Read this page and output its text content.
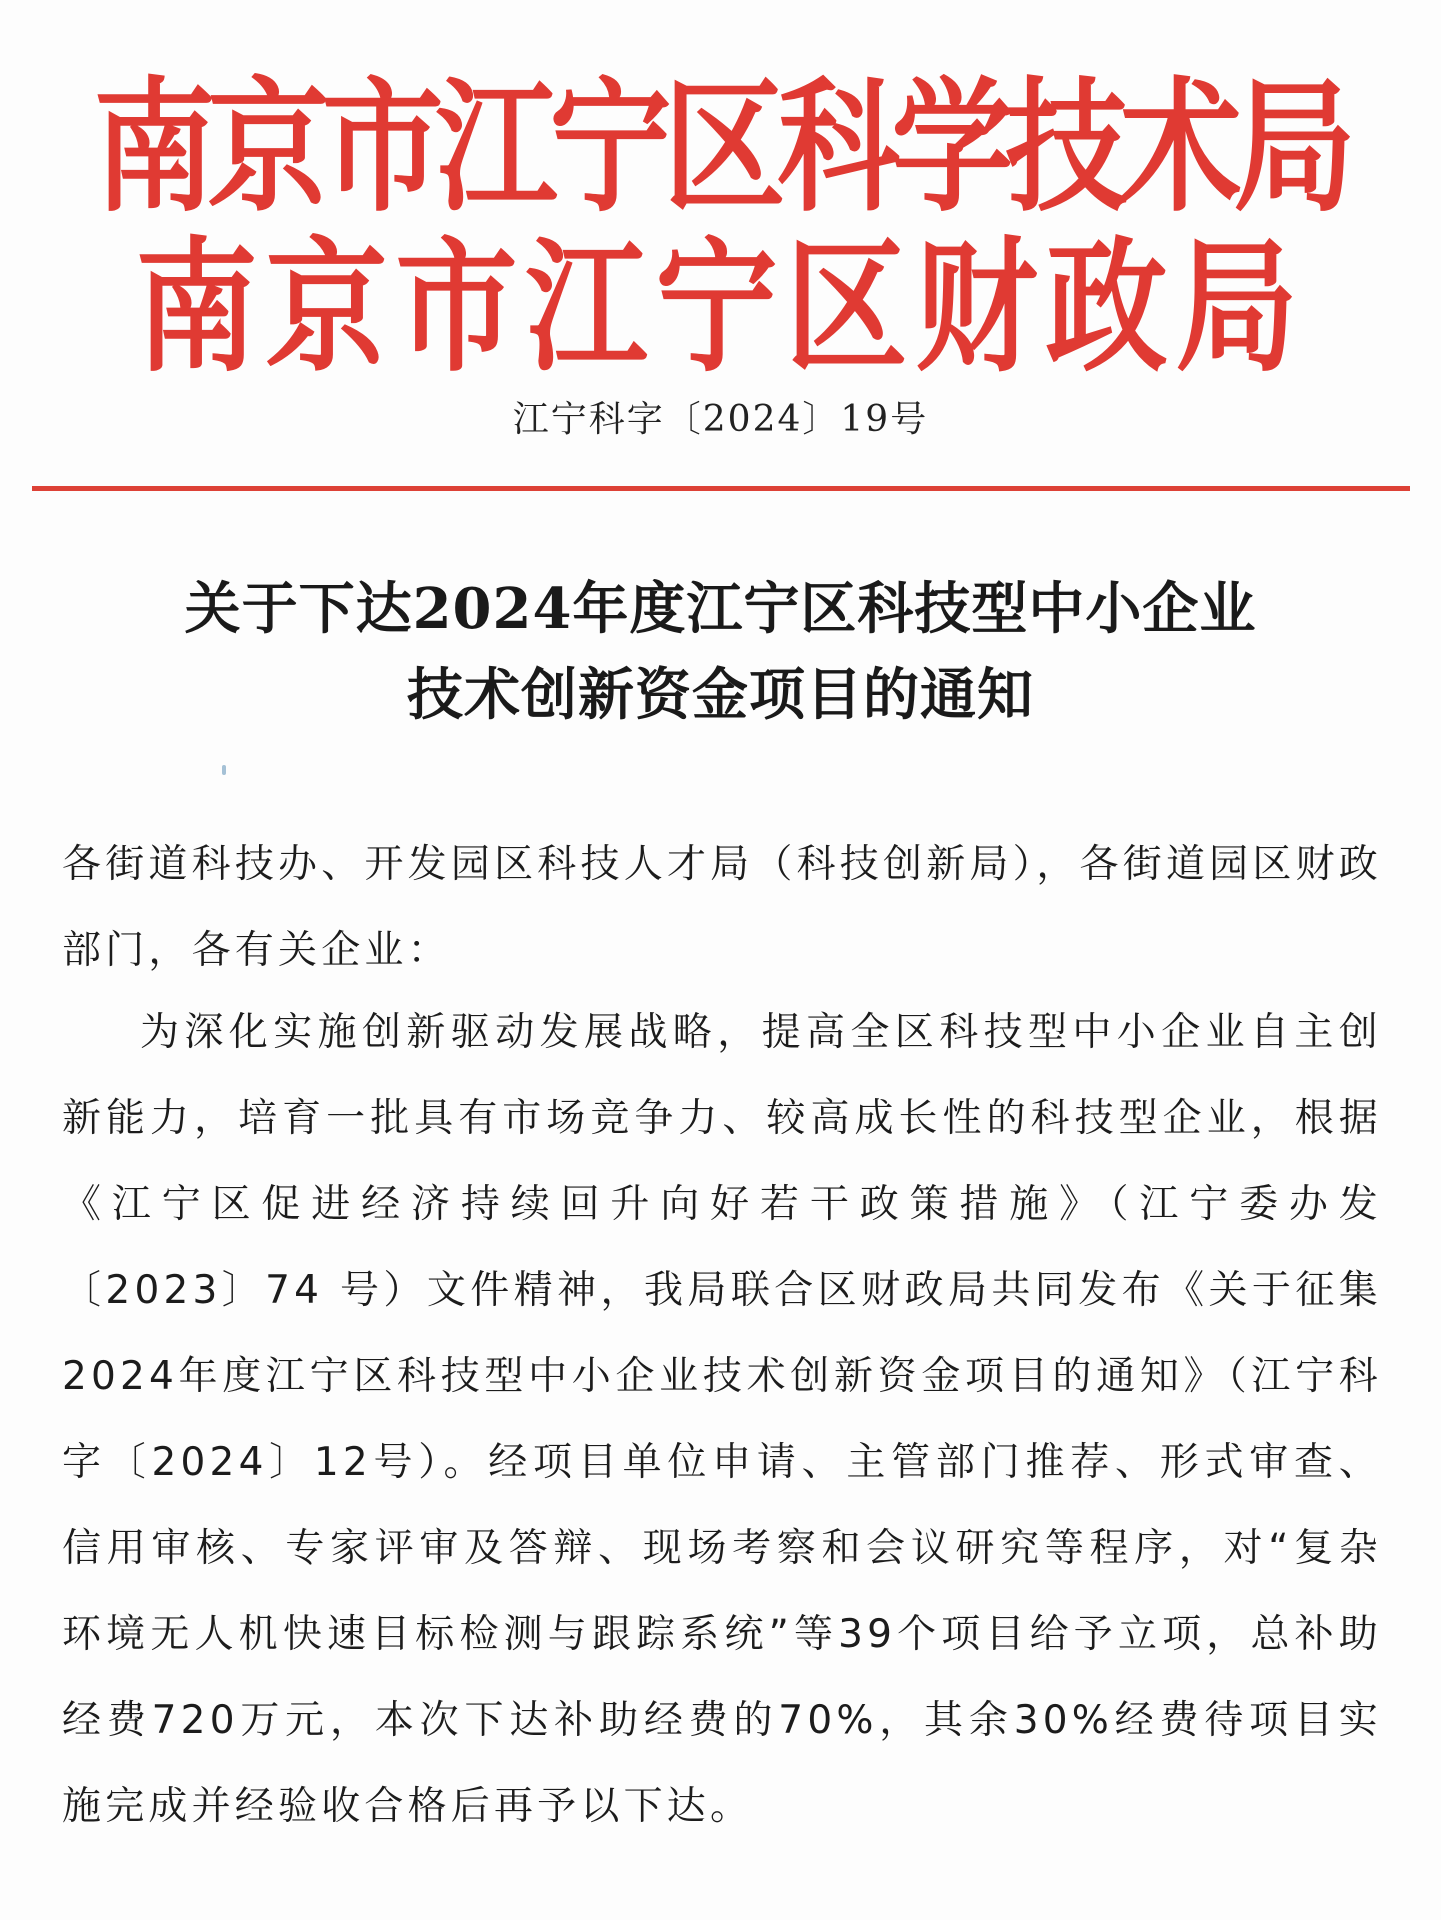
南京市江宁区科学技术局
南京市江宁区财政局
江宁科字〔2024〕19号
关于下达2024年度江宁区科技型中小企业
技术创新资金项目的通知
各街道科技办、开发园区科技人才局（科技创新局），各街道园区财政部门，各有关企业：
为深化实施创新驱动发展战略，提高全区科技型中小企业自主创新能力，培育一批具有市场竞争力、较高成长性的科技型企业，根据《江宁区促进经济持续回升向好若干政策措施》（江宁委办发〔2023〕74 号）文件精神，我局联合区财政局共同发布《关于征集2024年度江宁区科技型中小企业技术创新资金项目的通知》（江宁科字〔2024〕12号）。经项目单位申请、主管部门推荐、形式审查、信用审核、专家评审及答辩、现场考察和会议研究等程序，对“复杂环境无人机快速目标检测与跟踪系统”等39个项目给予立项，总补助经费720万元，本次下达补助经费的70%，其余30%经费待项目实施完成并经验收合格后再予以下达。
